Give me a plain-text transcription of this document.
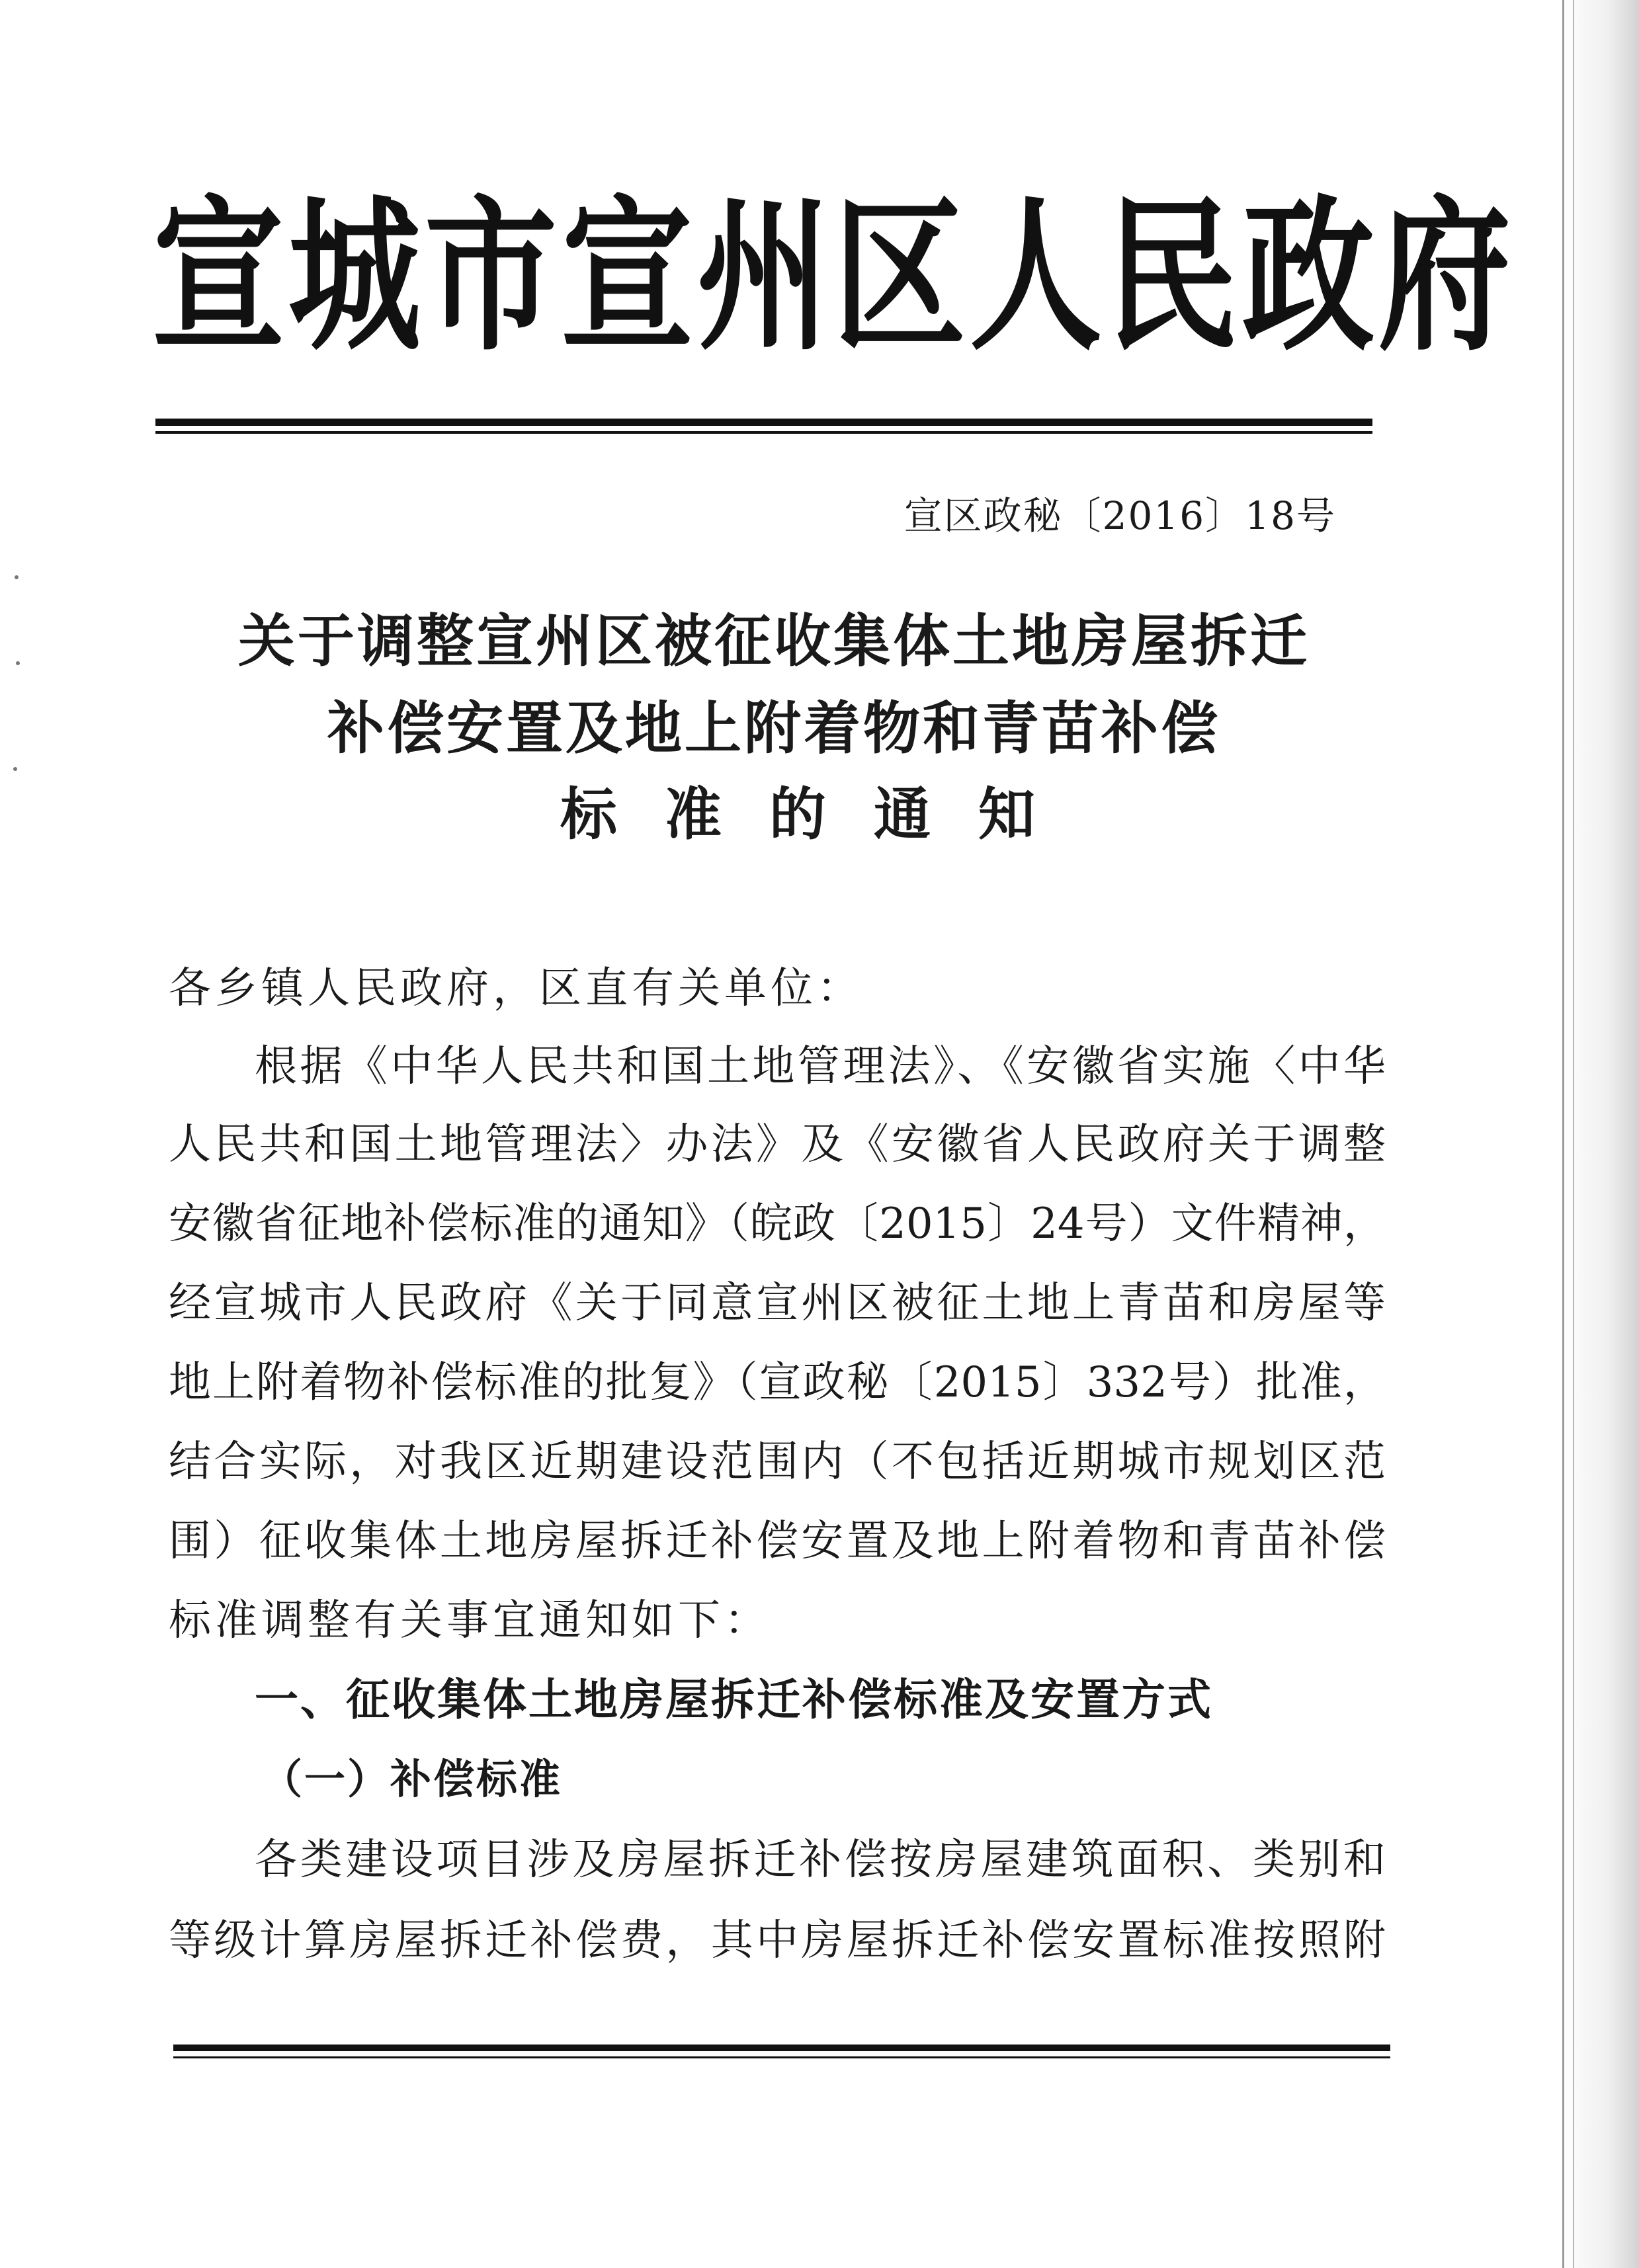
宣城市宣州区人民政府
宣区政秘〔2016〕18号
关于调整宣州区被征收集体土地房屋拆迁
补偿安置及地上附着物和青苗补偿
标准的通知
各乡镇人民政府，区直有关单位：
根据《中华人民共和国土地管理法》、《安徽省实施〈中华
人民共和国土地管理法〉办法》及《安徽省人民政府关于调整
安徽省征地补偿标准的通知》（皖政〔2015〕24号）文件精神，
经宣城市人民政府《关于同意宣州区被征土地上青苗和房屋等
地上附着物补偿标准的批复》（宣政秘〔2015〕332号）批准，
结合实际，对我区近期建设范围内（不包括近期城市规划区范
围）征收集体土地房屋拆迁补偿安置及地上附着物和青苗补偿
标准调整有关事宜通知如下：
一、征收集体土地房屋拆迁补偿标准及安置方式
（一）补偿标准
各类建设项目涉及房屋拆迁补偿按房屋建筑面积、类别和
等级计算房屋拆迁补偿费，其中房屋拆迁补偿安置标准按照附
